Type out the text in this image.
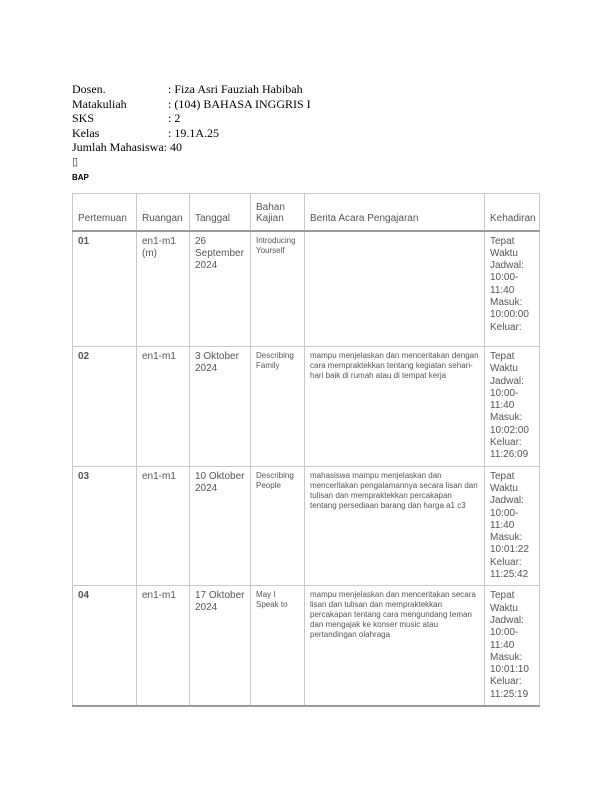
Dosen.	: Fiza Asri Fauziah Habibah
Matakuliah	: (104) BAHASA INGGRIS I
SKS	: 2
Kelas	: 19.1A.25
Jumlah Mahasiswa : 40
▯
BAP
Pertemuan	Ruangan	Tanggal	Bahan Kajian	Berita Acara Pengajaran	Kehadiran
01	en1-m1 (m)	26 September 2024	Introducing Yourself		Tepat Waktu
Jadwal: 10:00-11:40
Masuk: 10:00:00
Keluar:

02	en1-m1	3 Oktober 2024	Describing Family	mampu menjelaskan dan menceritakan dengan cara mempraktekkan tentang kegiatan sehari-hari baik di rumah atau di tempat kerja	Tepat Waktu
Jadwal: 10:00-11:40
Masuk: 10:02:00
Keluar: 11:26:09

03	en1-m1	10 Oktober 2024	Describing People	mahasiswa mampu menjelaskan dan menceritakan pengalamannya secara lisan dan tulisan dan mempraktekkan percakapan tentang persediaan barang dan harga a1 c3	Tepat Waktu
Jadwal: 10:00-11:40
Masuk: 10:01:22
Keluar: 11:25:42

04	en1-m1	17 Oktober 2024	May I Speak to	mampu menjelaskan dan menceritakan secara lisan dan tulisan dan mempraktekkan percakapan tentang cara mengundang teman dan mengajak ke konser music atau pertandingan olahraga	Tepat Waktu
Jadwal: 10:00-11:40
Masuk: 10:01:10
Keluar: 11:25:19
